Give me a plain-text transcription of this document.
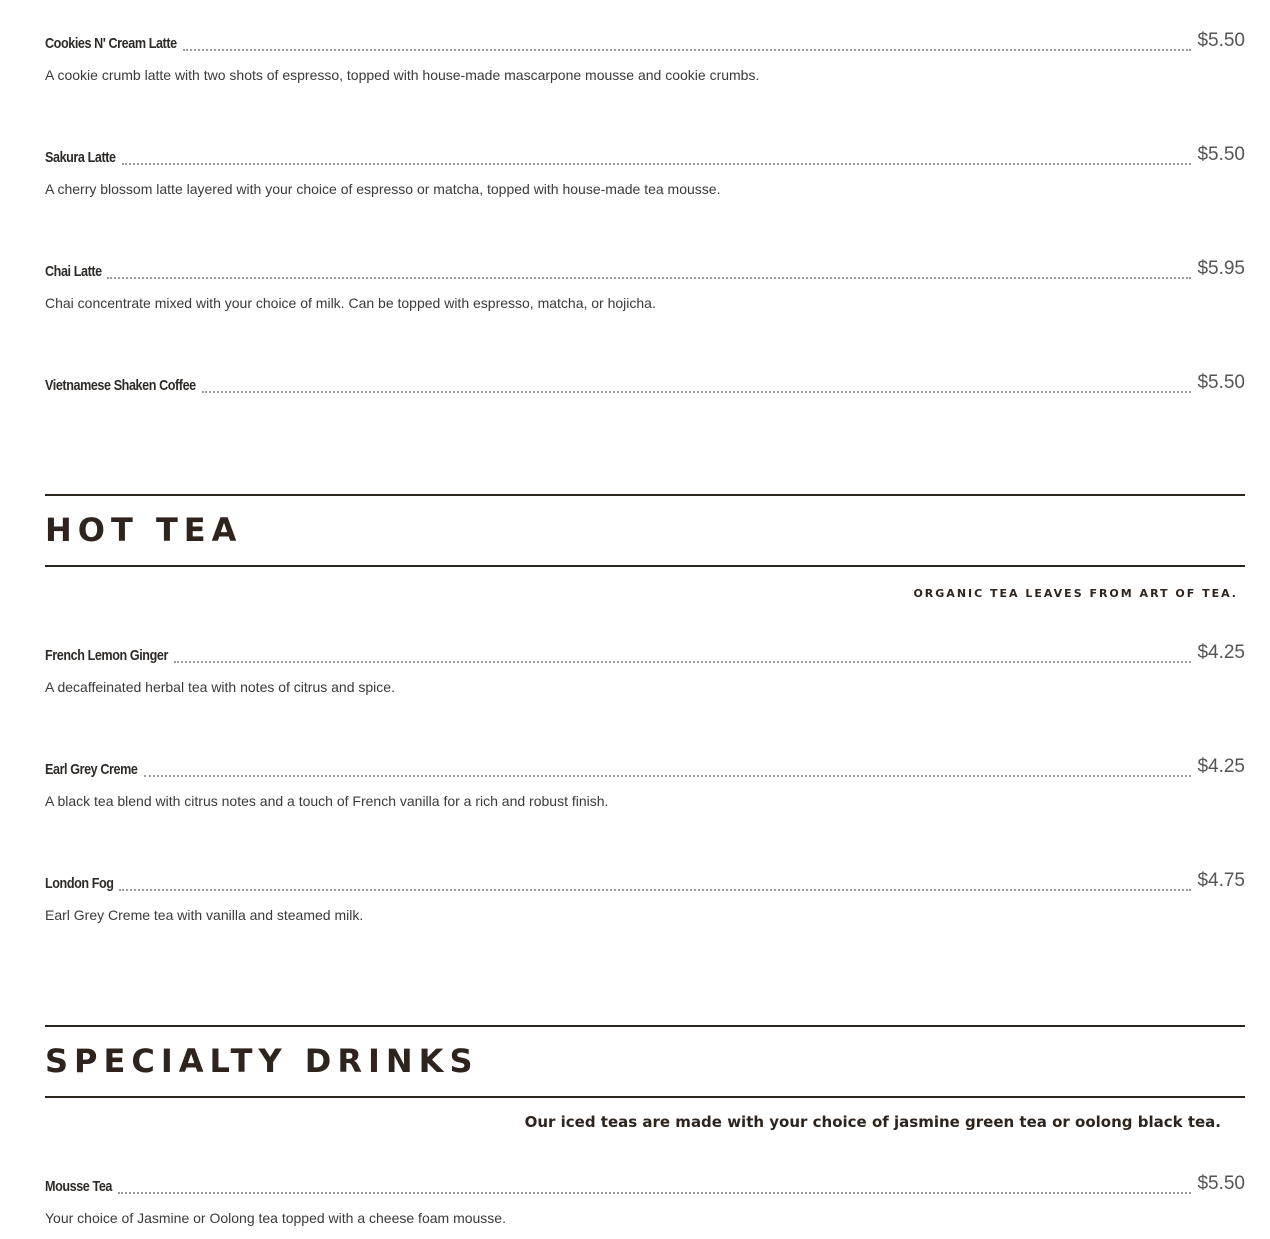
Cookies N' Cream Latte	$5.50
A cookie crumb latte with two shots of espresso, topped with house-made mascarpone mousse and cookie crumbs.
Sakura Latte	$5.50
A cherry blossom latte layered with your choice of espresso or matcha, topped with house-made tea mousse.
Chai Latte	$5.95
Chai concentrate mixed with your choice of milk. Can be topped with espresso, matcha, or hojicha.
Vietnamese Shaken Coffee	$5.50
HOT TEA
ORGANIC TEA LEAVES FROM ART OF TEA.
French Lemon Ginger	$4.25
A decaffeinated herbal tea with notes of citrus and spice.
Earl Grey Creme	$4.25
A black tea blend with citrus notes and a touch of French vanilla for a rich and robust finish.
London Fog	$4.75
Earl Grey Creme tea with vanilla and steamed milk.
SPECIALTY DRINKS
Our iced teas are made with your choice of jasmine green tea or oolong black tea.
Mousse Tea	$5.50
Your choice of Jasmine or Oolong tea topped with a cheese foam mousse.
